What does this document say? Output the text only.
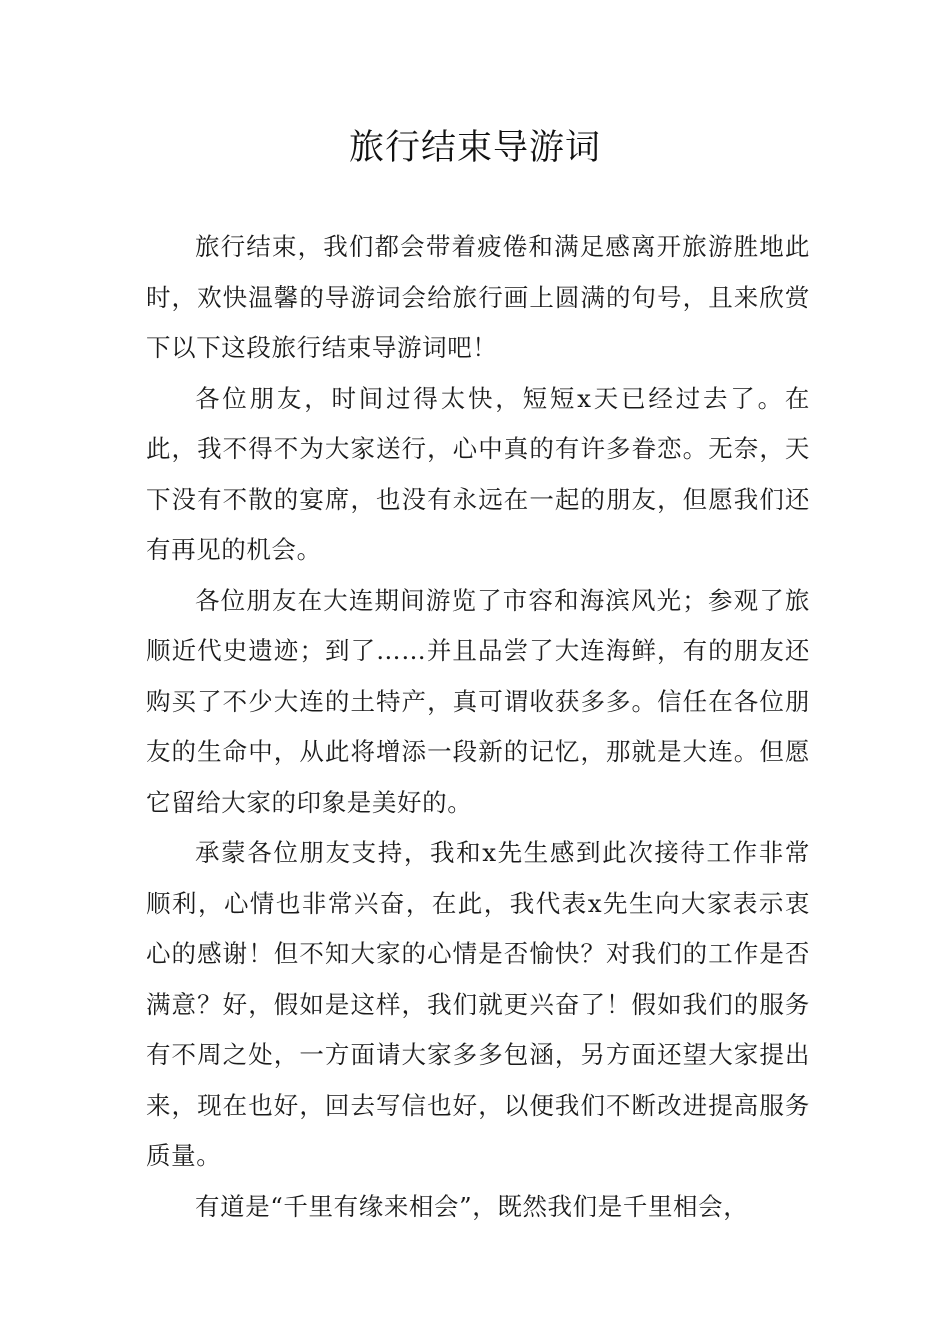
旅行结束导游词

旅行结束，我们都会带着疲倦和满足感离开旅游胜地此时，欢快温馨的导游词会给旅行画上圆满的句号，且来欣赏下以下这段旅行结束导游词吧！

各位朋友，时间过得太快，短短x天已经过去了。在此，我不得不为大家送行，心中真的有许多眷恋。无奈，天下没有不散的宴席，也没有永远在一起的朋友，但愿我们还有再见的机会。

各位朋友在大连期间游览了市容和海滨风光；参观了旅顺近代史遗迹；到了……并且品尝了大连海鲜，有的朋友还购买了不少大连的土特产，真可谓收获多多。信任在各位朋友的生命中，从此将增添一段新的记忆，那就是大连。但愿它留给大家的印象是美好的。

承蒙各位朋友支持，我和x先生感到此次接待工作非常顺利，心情也非常兴奋，在此，我代表x先生向大家表示衷心的感谢！但不知大家的心情是否愉快？对我们的工作是否满意？好，假如是这样，我们就更兴奋了！假如我们的服务有不周之处，一方面请大家多多包涵，另方面还望大家提出来，现在也好，回去写信也好，以便我们不断改进提高服务质量。

有道是“千里有缘来相会”，既然我们是千里相会，
